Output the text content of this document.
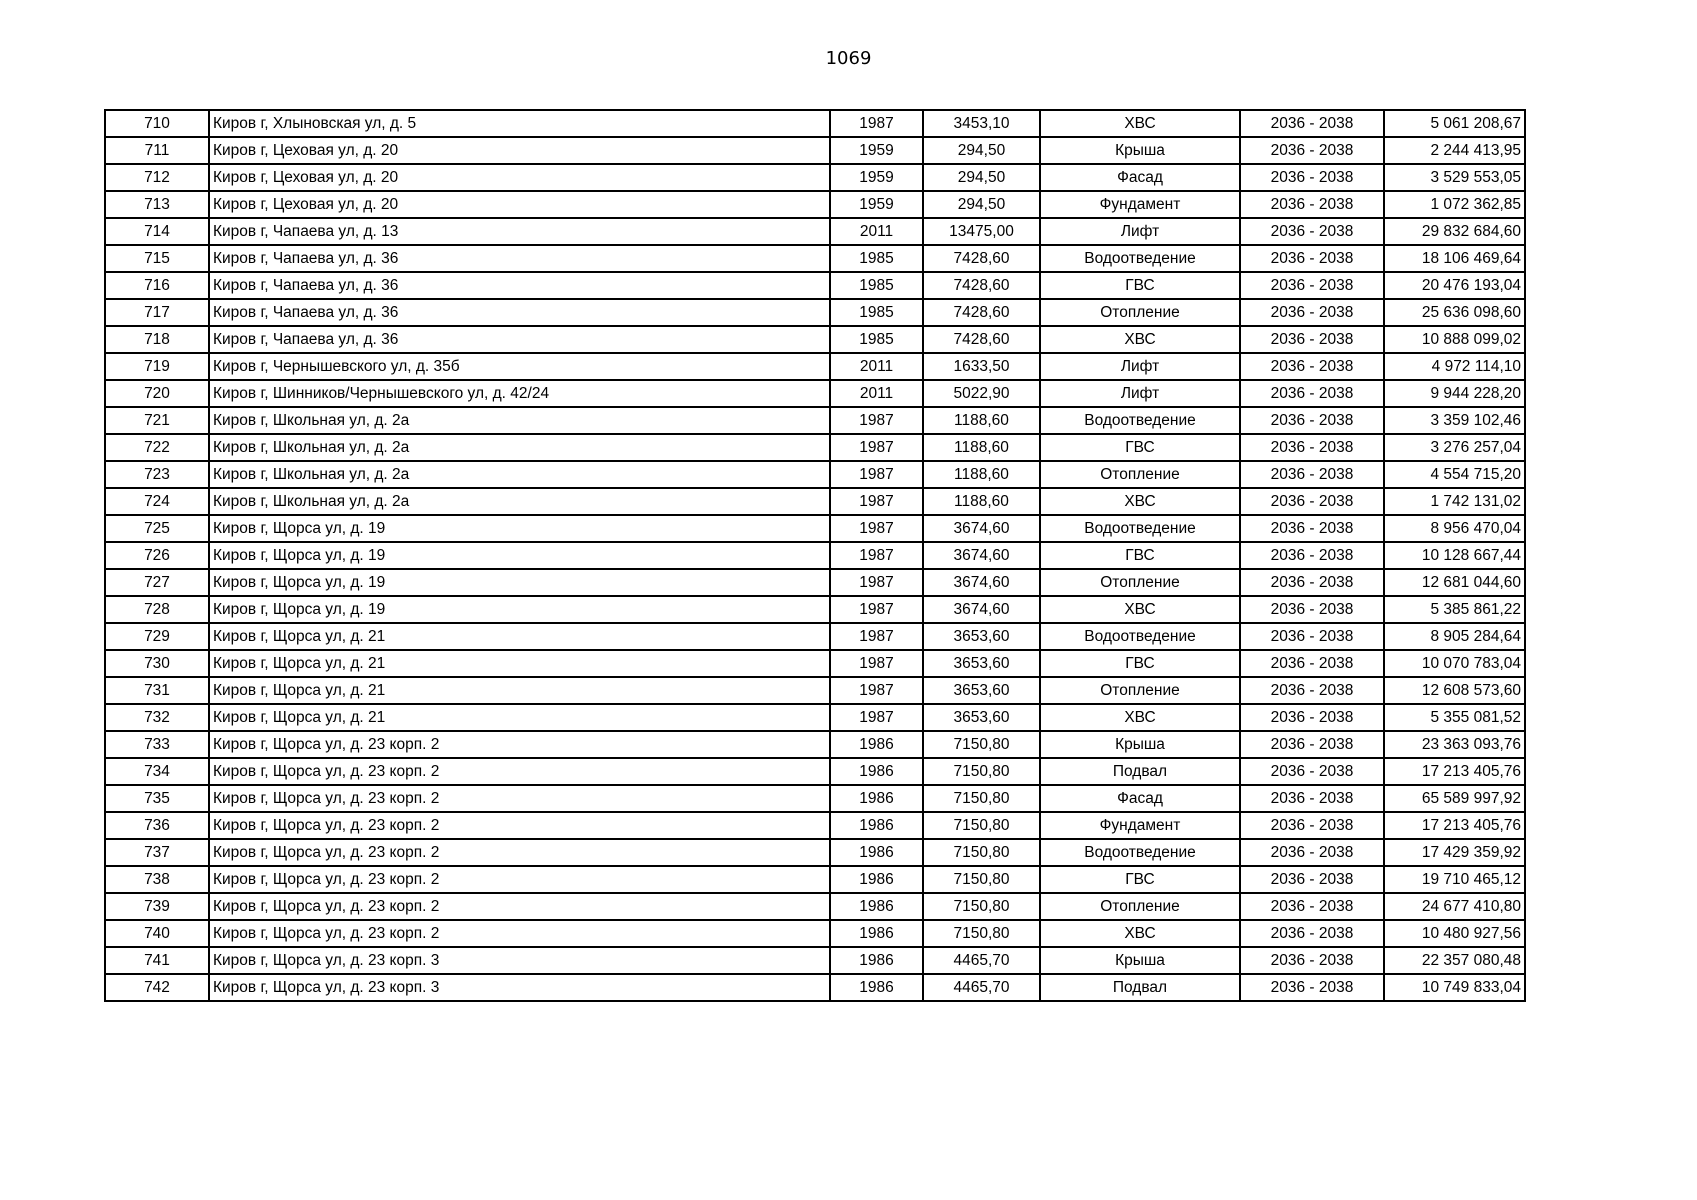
1069
710	Киров г, Хлыновская ул, д. 5	1987	3453,10	ХВС	2036 - 2038	5 061 208,67
711	Киров г, Цеховая ул, д. 20	1959	294,50	Крыша	2036 - 2038	2 244 413,95
712	Киров г, Цеховая ул, д. 20	1959	294,50	Фасад	2036 - 2038	3 529 553,05
713	Киров г, Цеховая ул, д. 20	1959	294,50	Фундамент	2036 - 2038	1 072 362,85
714	Киров г, Чапаева ул, д. 13	2011	13475,00	Лифт	2036 - 2038	29 832 684,60
715	Киров г, Чапаева ул, д. 36	1985	7428,60	Водоотведение	2036 - 2038	18 106 469,64
716	Киров г, Чапаева ул, д. 36	1985	7428,60	ГВС	2036 - 2038	20 476 193,04
717	Киров г, Чапаева ул, д. 36	1985	7428,60	Отопление	2036 - 2038	25 636 098,60
718	Киров г, Чапаева ул, д. 36	1985	7428,60	ХВС	2036 - 2038	10 888 099,02
719	Киров г, Чернышевского ул, д. 35б	2011	1633,50	Лифт	2036 - 2038	4 972 114,10
720	Киров г, Шинников/Чернышевского ул, д. 42/24	2011	5022,90	Лифт	2036 - 2038	9 944 228,20
721	Киров г, Школьная ул, д. 2а	1987	1188,60	Водоотведение	2036 - 2038	3 359 102,46
722	Киров г, Школьная ул, д. 2а	1987	1188,60	ГВС	2036 - 2038	3 276 257,04
723	Киров г, Школьная ул, д. 2а	1987	1188,60	Отопление	2036 - 2038	4 554 715,20
724	Киров г, Школьная ул, д. 2а	1987	1188,60	ХВС	2036 - 2038	1 742 131,02
725	Киров г, Щорса ул, д. 19	1987	3674,60	Водоотведение	2036 - 2038	8 956 470,04
726	Киров г, Щорса ул, д. 19	1987	3674,60	ГВС	2036 - 2038	10 128 667,44
727	Киров г, Щорса ул, д. 19	1987	3674,60	Отопление	2036 - 2038	12 681 044,60
728	Киров г, Щорса ул, д. 19	1987	3674,60	ХВС	2036 - 2038	5 385 861,22
729	Киров г, Щорса ул, д. 21	1987	3653,60	Водоотведение	2036 - 2038	8 905 284,64
730	Киров г, Щорса ул, д. 21	1987	3653,60	ГВС	2036 - 2038	10 070 783,04
731	Киров г, Щорса ул, д. 21	1987	3653,60	Отопление	2036 - 2038	12 608 573,60
732	Киров г, Щорса ул, д. 21	1987	3653,60	ХВС	2036 - 2038	5 355 081,52
733	Киров г, Щорса ул, д. 23 корп. 2	1986	7150,80	Крыша	2036 - 2038	23 363 093,76
734	Киров г, Щорса ул, д. 23 корп. 2	1986	7150,80	Подвал	2036 - 2038	17 213 405,76
735	Киров г, Щорса ул, д. 23 корп. 2	1986	7150,80	Фасад	2036 - 2038	65 589 997,92
736	Киров г, Щорса ул, д. 23 корп. 2	1986	7150,80	Фундамент	2036 - 2038	17 213 405,76
737	Киров г, Щорса ул, д. 23 корп. 2	1986	7150,80	Водоотведение	2036 - 2038	17 429 359,92
738	Киров г, Щорса ул, д. 23 корп. 2	1986	7150,80	ГВС	2036 - 2038	19 710 465,12
739	Киров г, Щорса ул, д. 23 корп. 2	1986	7150,80	Отопление	2036 - 2038	24 677 410,80
740	Киров г, Щорса ул, д. 23 корп. 2	1986	7150,80	ХВС	2036 - 2038	10 480 927,56
741	Киров г, Щорса ул, д. 23 корп. 3	1986	4465,70	Крыша	2036 - 2038	22 357 080,48
742	Киров г, Щорса ул, д. 23 корп. 3	1986	4465,70	Подвал	2036 - 2038	10 749 833,04
